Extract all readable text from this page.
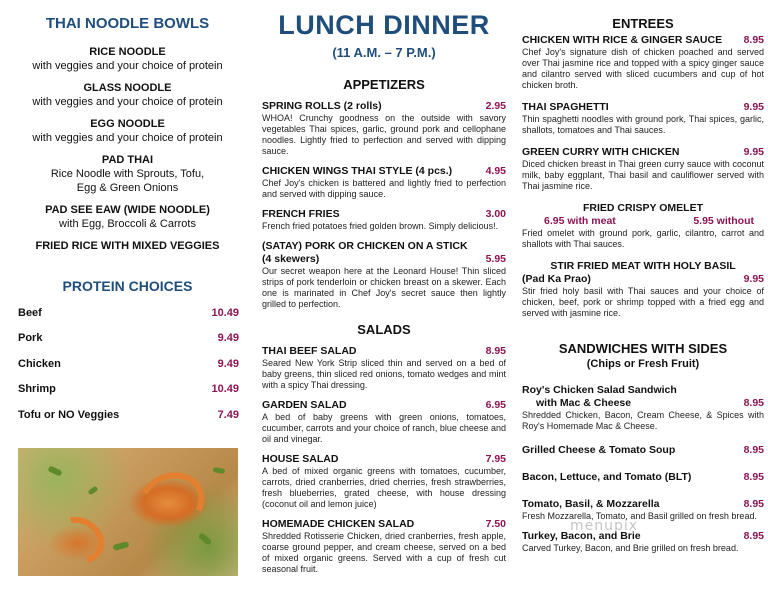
THAI NOODLE BOWLS
RICE NOODLE
with veggies and your choice of protein
GLASS NOODLE
with veggies and your choice of protein
EGG NOODLE
with veggies and your choice of protein
PAD THAI
Rice Noodle with Sprouts, Tofu,
Egg & Green Onions
PAD SEE EAW (WIDE NOODLE)
with Egg, Broccoli & Carrots
FRIED RICE WITH MIXED VEGGIES
PROTEIN CHOICES
Beef	10.49
Pork	9.49
Chicken	9.49
Shrimp	10.49
Tofu or NO Veggies	7.49
LUNCH DINNER
(11 A.M. – 7 P.M.)
APPETIZERS
SPRING ROLLS (2 rolls)	2.95
WHOA! Crunchy goodness on the outside with savory vegetables Thai spices, garlic, ground pork and cellophane noodles. Lightly fried to perfection and served with dipping sauce.
CHICKEN WINGS THAI STYLE (4 pcs.)	4.95
Chef Joy's chicken is battered and lightly fried to perfection and served with dipping sauce.
FRENCH FRIES	3.00
French fried potatoes fried golden brown. Simply delicious!.
(SATAY) PORK OR CHICKEN ON A STICK
(4 skewers)	5.95
Our secret weapon here at the Leonard House! Thin sliced strips of pork tenderloin or chicken breast on a skewer. Each one is marinated in Chef Joy's secret sauce then lightly grilled to perfection.
SALADS
THAI BEEF SALAD	8.95
Seared New York Strip sliced thin and served on a bed of baby greens, thin sliced red onions, tomato wedges and mint with a spicy Thai dressing.
GARDEN SALAD	6.95
A bed of baby greens with green onions, tomatoes, cucumber, carrots and your choice of ranch, blue cheese and oil and vinegar.
HOUSE SALAD	7.95
A bed of mixed organic greens with tomatoes, cucumber, carrots, dried cranberries, dried cherries, fresh strawberries, fresh blueberries, grated cheese, with house dressing (coconut oil and lemon juice)
HOMEMADE CHICKEN SALAD	7.50
Shredded Rotisserie Chicken, dried cranberries, fresh apple, coarse ground pepper, and cream cheese, served on a bed of mixed organic greens. Served with a cup of fresh cut seasonal fruit.
ENTREES
CHICKEN WITH RICE & GINGER SAUCE 8.95
Chef Joy's signature dish of chicken poached and served over Thai jasmine rice and topped with a spicy ginger sauce and cilantro served with sliced cucumbers and cup of hot chicken broth.
THAI SPAGHETTI	9.95
Thin spaghetti noodles with ground pork, Thai spices, garlic, shallots, tomatoes and Thai sauces.
GREEN CURRY WITH CHICKEN	9.95
Diced chicken breast in Thai green curry sauce with coconut milk, baby eggplant, Thai basil and cauliflower served with Thai jasmine rice.
FRIED CRISPY OMELET
6.95 with meat	5.95 without
Fried omelet with ground pork, garlic, cilantro, carrot and shallots with Thai sauces.
STIR FRIED MEAT WITH HOLY BASIL
(Pad Ka Prao)	9.95
Stir fried holy basil with Thai sauces and your choice of chicken, beef, pork or shrimp topped with a fried egg and served with jasmine rice.
SANDWICHES WITH SIDES
(Chips or Fresh Fruit)
Roy's Chicken Salad Sandwich
with Mac & Cheese	8.95
Shredded Chicken, Bacon, Cream Cheese, & Spices with Roy's Homemade Mac & Cheese.
Grilled Cheese & Tomato Soup	8.95
Bacon, Lettuce, and Tomato (BLT)	8.95
Tomato, Basil, & Mozzarella	8.95
Fresh Mozzarella, Tomato, and Basil grilled on fresh bread.
Turkey, Bacon, and Brie	8.95
Carved Turkey, Bacon, and Brie grilled on fresh bread.
menupix
